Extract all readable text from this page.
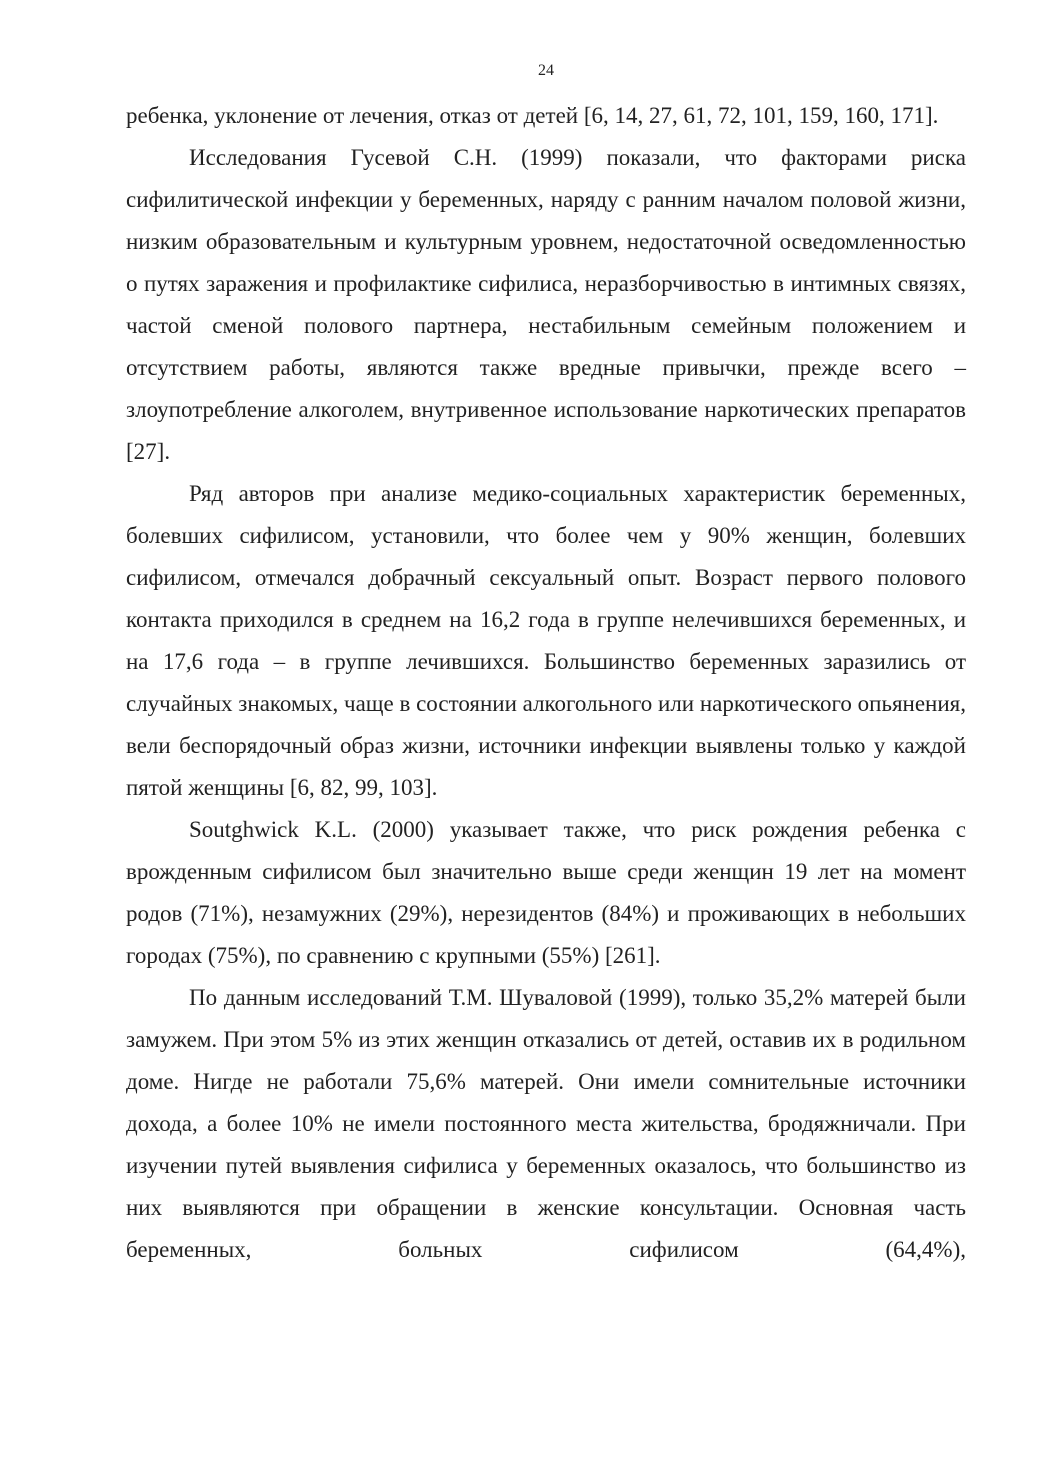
24

ребенка, уклонение от лечения, отказ от детей [6, 14, 27, 61, 72, 101, 159, 160, 171].

Исследования Гусевой С.Н. (1999) показали, что факторами риска сифилитической инфекции у беременных, наряду с ранним началом половой жизни, низким образовательным и культурным уровнем, недостаточной осведомленностью о путях заражения и профилактике сифилиса, неразборчивостью в интимных связях, частой сменой полового партнера, нестабильным семейным положением и отсутствием работы, являются также вредные привычки, прежде всего – злоупотребление алкоголем, внутривенное использование наркотических препаратов [27].

Ряд авторов при анализе медико-социальных характеристик беременных, болевших сифилисом, установили, что более чем у 90% женщин, болевших сифилисом, отмечался добрачный сексуальный опыт. Возраст первого полового контакта приходился в среднем на 16,2 года в группе нелечившихся беременных, и на 17,6 года – в группе лечившихся. Большинство беременных заразились от случайных знакомых, чаще в состоянии алкогольного или наркотического опьянения, вели беспорядочный образ жизни, источники инфекции выявлены только у каждой пятой женщины [6, 82, 99, 103].

Soutghwick K.L. (2000) указывает также, что риск рождения ребенка с врожденным сифилисом был значительно выше среди женщин 19 лет на момент родов (71%), незамужних (29%), нерезидентов (84%) и проживающих в небольших городах (75%), по сравнению с крупными (55%) [261].

По данным исследований Т.М. Шуваловой (1999), только 35,2% матерей были замужем. При этом 5% из этих женщин отказались от детей, оставив их в родильном доме. Нигде не работали 75,6% матерей. Они имели сомнительные источники дохода, а более 10% не имели постоянного места жительства, бродяжничали. При изучении путей выявления сифилиса у беременных оказалось, что большинство из них выявляются при обращении в женские консультации. Основная часть беременных, больных сифилисом (64,4%),
